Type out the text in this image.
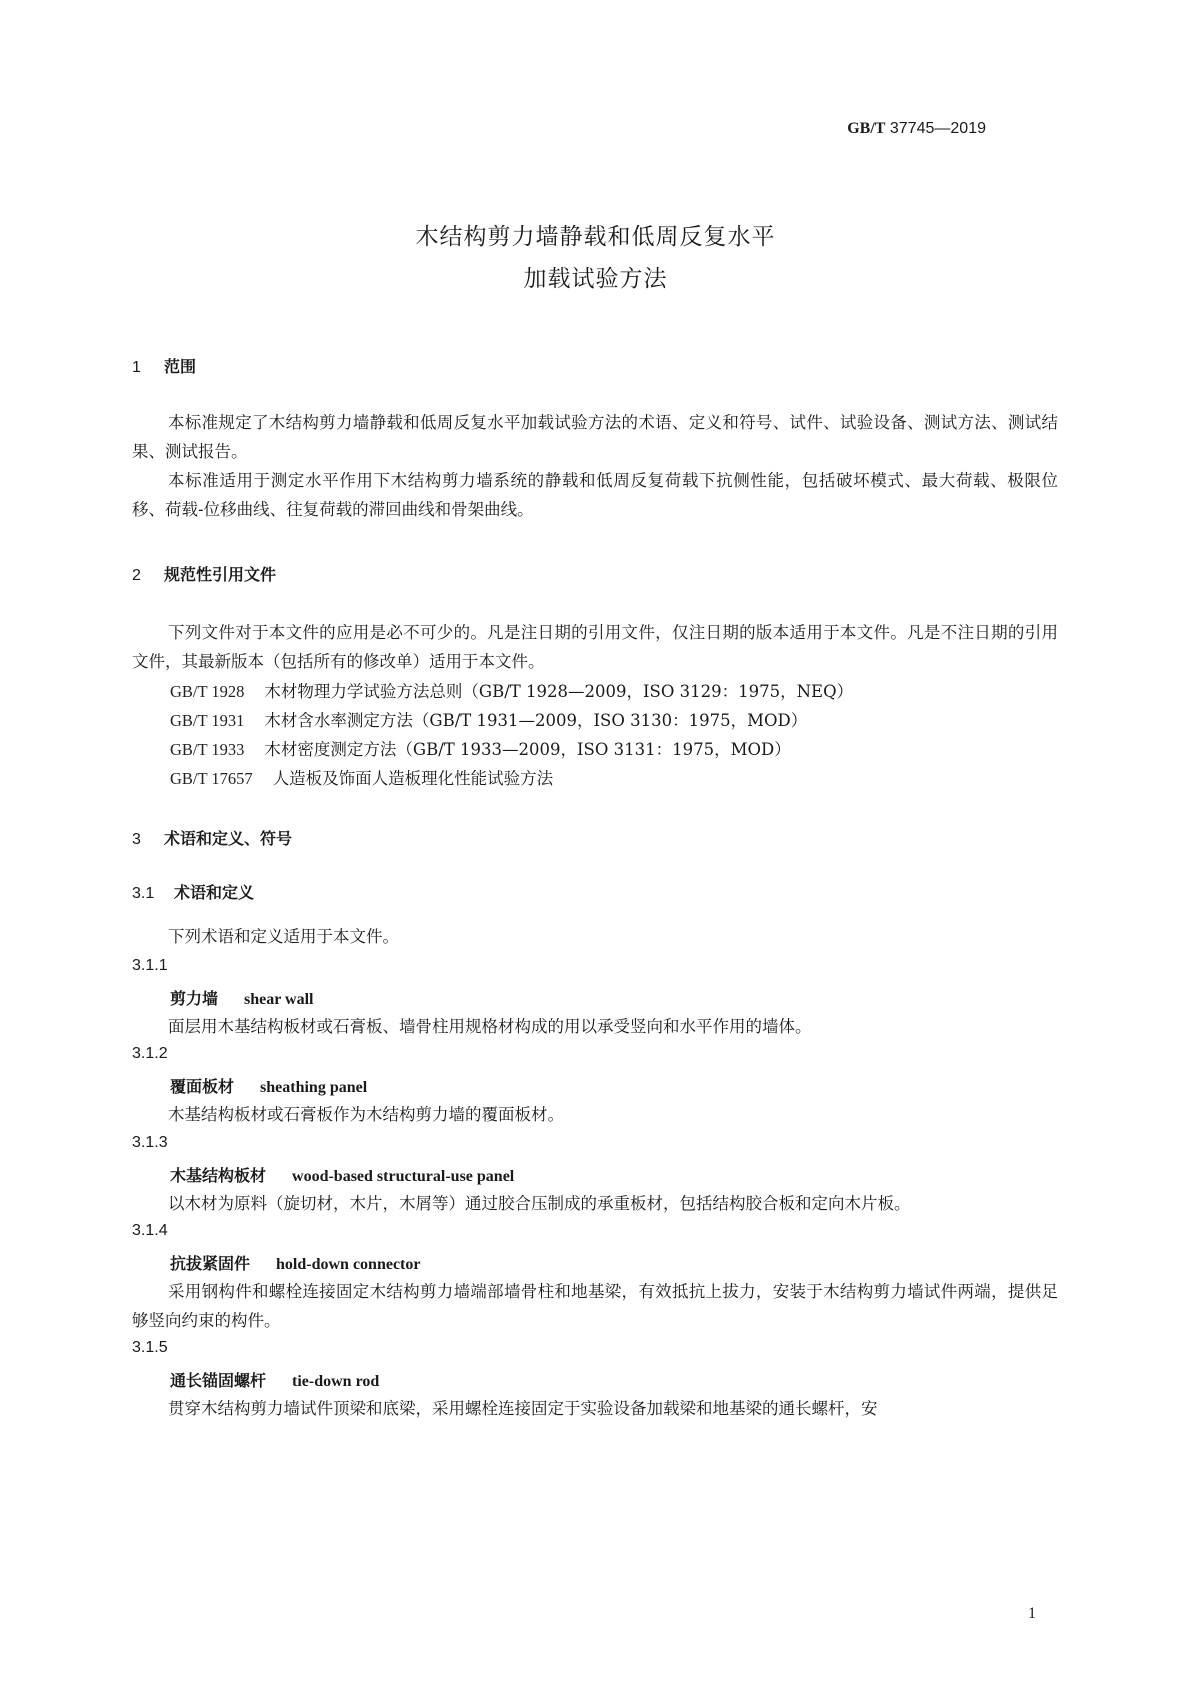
GB/T 37745—2019
木结构剪力墙静载和低周反复水平
加载试验方法
1 范围
本标准规定了木结构剪力墙静载和低周反复水平加载试验方法的术语、定义和符号、试件、试验设备、测试方法、测试结果、测试报告。
本标准适用于测定水平作用下木结构剪力墙系统的静载和低周反复荷载下抗侧性能，包括破坏模式、最大荷载、极限位移、荷载-位移曲线、往复荷载的滞回曲线和骨架曲线。
2 规范性引用文件
下列文件对于本文件的应用是必不可少的。凡是注日期的引用文件，仅注日期的版本适用于本文件。凡是不注日期的引用文件，其最新版本（包括所有的修改单）适用于本文件。
GB/T 1928 木材物理力学试验方法总则（GB/T 1928—2009，ISO 3129：1975，NEQ）
GB/T 1931 木材含水率测定方法（GB/T 1931—2009，ISO 3130：1975，MOD）
GB/T 1933 木材密度测定方法（GB/T 1933—2009，ISO 3131：1975，MOD）
GB/T 17657 人造板及饰面人造板理化性能试验方法
3 术语和定义、符号
3.1 术语和定义
下列术语和定义适用于本文件。
3.1.1
剪力墙 shear wall
面层用木基结构板材或石膏板、墙骨柱用规格材构成的用以承受竖向和水平作用的墙体。
3.1.2
覆面板材 sheathing panel
木基结构板材或石膏板作为木结构剪力墙的覆面板材。
3.1.3
木基结构板材 wood-based structural-use panel
以木材为原料（旋切材，木片，木屑等）通过胶合压制成的承重板材，包括结构胶合板和定向木片板。
3.1.4
抗拔紧固件 hold-down connector
采用钢构件和螺栓连接固定木结构剪力墙端部墙骨柱和地基梁，有效抵抗上拔力，安装于木结构剪力墙试件两端，提供足够竖向约束的构件。
3.1.5
通长锚固螺杆 tie-down rod
贯穿木结构剪力墙试件顶梁和底梁，采用螺栓连接固定于实验设备加载梁和地基梁的通长螺杆，安
1
